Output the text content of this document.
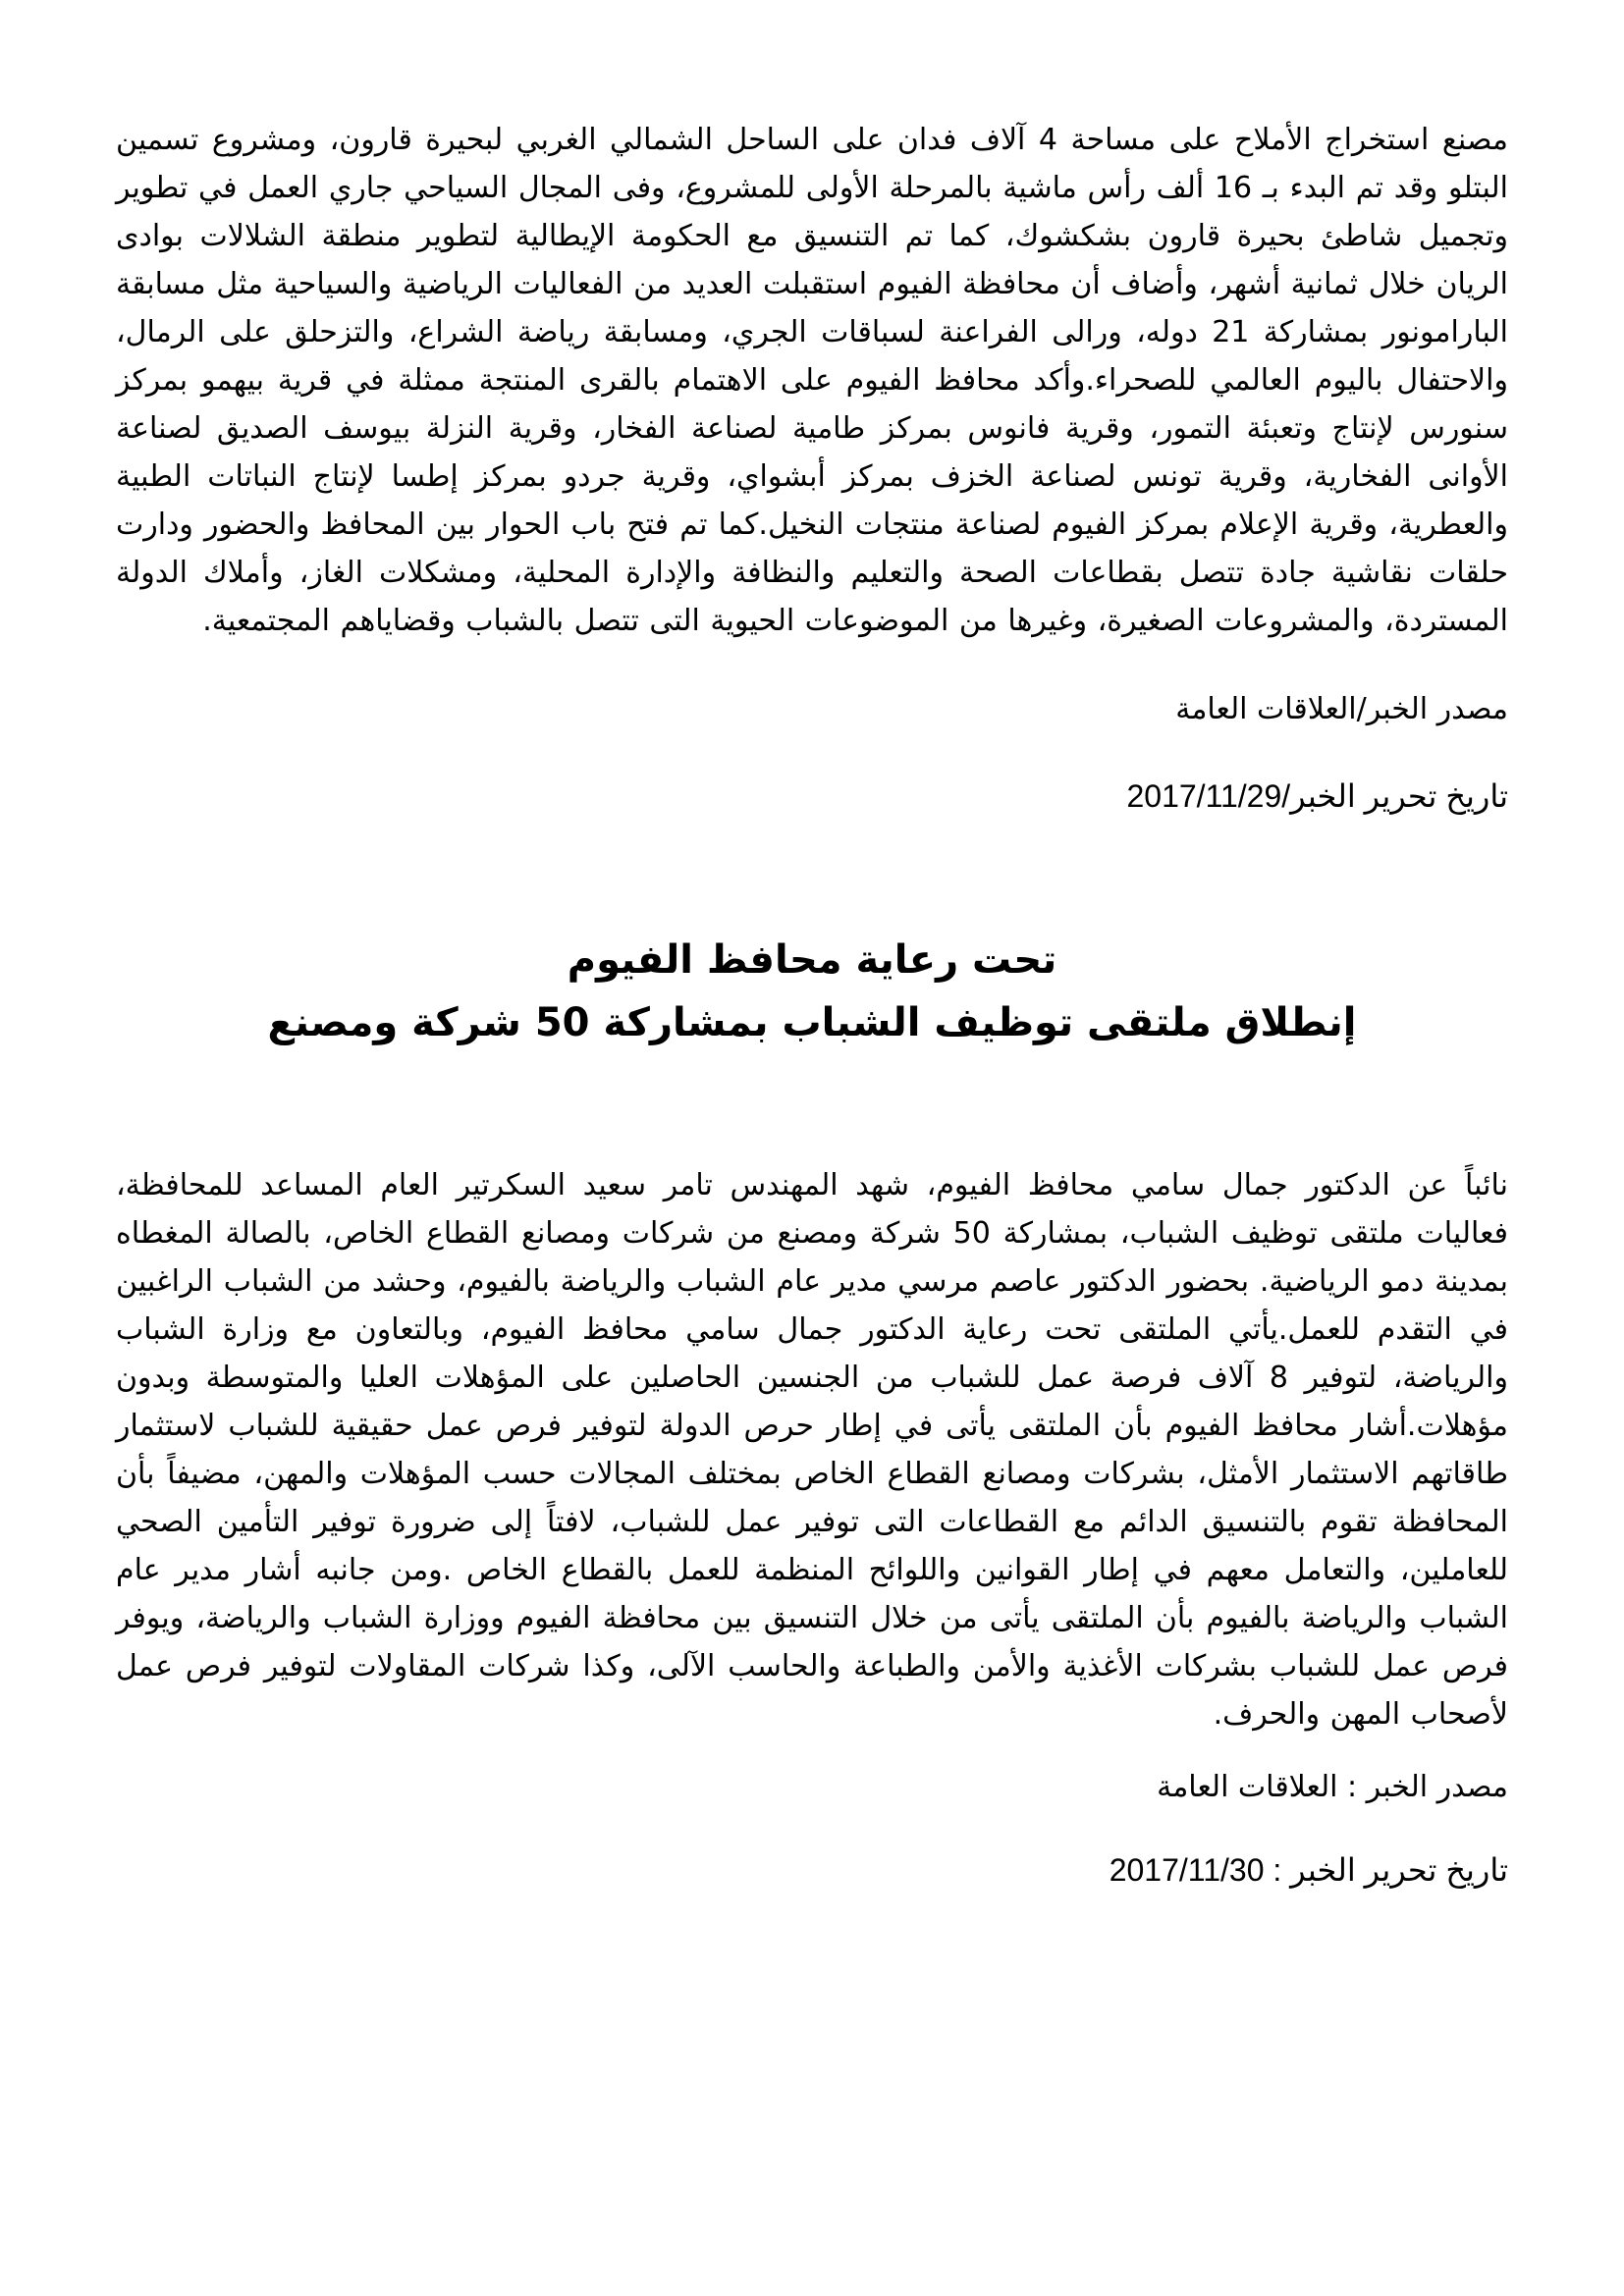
مصنع استخراج الأملاح على مساحة 4 آلاف فدان على الساحل الشمالي الغربي لبحيرة قارون، ومشروع تسمين البتلو وقد تم البدء بـ 16 ألف رأس ماشية بالمرحلة الأولى للمشروع، وفى المجال السياحي جاري العمل في تطوير وتجميل شاطئ بحيرة قارون بشكشوك، كما تم التنسيق مع الحكومة الإيطالية لتطوير منطقة الشلالات بوادى الريان خلال ثمانية أشهر، وأضاف أن محافظة الفيوم استقبلت العديد من الفعاليات الرياضية والسياحية مثل مسابقة البارامونور بمشاركة 21 دوله، ورالى الفراعنة لسباقات الجري، ومسابقة رياضة الشراع، والتزحلق على الرمال، والاحتفال باليوم العالمي للصحراء.وأكد محافظ الفيوم على الاهتمام بالقرى المنتجة ممثلة في قرية بيهمو بمركز سنورس لإنتاج وتعبئة التمور، وقرية فانوس بمركز طامية لصناعة الفخار، وقرية النزلة بيوسف الصديق لصناعة الأوانى الفخارية، وقرية تونس لصناعة الخزف بمركز أبشواي، وقرية جردو بمركز إطسا لإنتاج النباتات الطبية والعطرية، وقرية الإعلام بمركز الفيوم لصناعة منتجات النخيل.كما تم فتح باب الحوار بين المحافظ والحضور ودارت حلقات نقاشية جادة تتصل بقطاعات الصحة والتعليم والنظافة والإدارة المحلية، ومشكلات الغاز، وأملاك الدولة المستردة، والمشروعات الصغيرة، وغيرها من الموضوعات الحيوية التى تتصل بالشباب وقضاياهم المجتمعية.

مصدر الخبر/العلاقات العامة

تاريخ تحرير الخبر/2017/11/29

تحت رعاية محافظ الفيوم
إنطلاق ملتقى توظيف الشباب بمشاركة 50 شركة ومصنع

نائباً عن الدكتور جمال سامي محافظ الفيوم، شهد المهندس تامر سعيد السكرتير العام المساعد للمحافظة، فعاليات ملتقى توظيف الشباب، بمشاركة 50 شركة ومصنع من شركات ومصانع القطاع الخاص، بالصالة المغطاه بمدينة دمو الرياضية. بحضور الدكتور عاصم مرسي مدير عام الشباب والرياضة بالفيوم، وحشد من الشباب الراغبين في التقدم للعمل.يأتي الملتقى تحت رعاية الدكتور جمال سامي محافظ الفيوم، وبالتعاون مع وزارة الشباب والرياضة، لتوفير 8 آلاف فرصة عمل للشباب من الجنسين الحاصلين على المؤهلات العليا والمتوسطة وبدون مؤهلات.أشار محافظ الفيوم بأن الملتقى يأتى في إطار حرص الدولة لتوفير فرص عمل حقيقية للشباب لاستثمار طاقاتهم الاستثمار الأمثل، بشركات ومصانع القطاع الخاص بمختلف المجالات حسب المؤهلات والمهن، مضيفاً بأن المحافظة تقوم بالتنسيق الدائم مع القطاعات التى توفير عمل للشباب، لافتاً إلى ضرورة توفير التأمين الصحي للعاملين، والتعامل معهم في إطار القوانين واللوائح المنظمة للعمل بالقطاع الخاص .ومن جانبه أشار مدير عام الشباب والرياضة بالفيوم بأن الملتقى يأتى من خلال التنسيق بين محافظة الفيوم ووزارة الشباب والرياضة، ويوفر فرص عمل للشباب بشركات الأغذية والأمن والطباعة والحاسب الآلى، وكذا شركات المقاولات لتوفير فرص عمل لأصحاب المهن والحرف.

مصدر الخبر : العلاقات العامة

تاريخ تحرير الخبر : 2017/11/30
